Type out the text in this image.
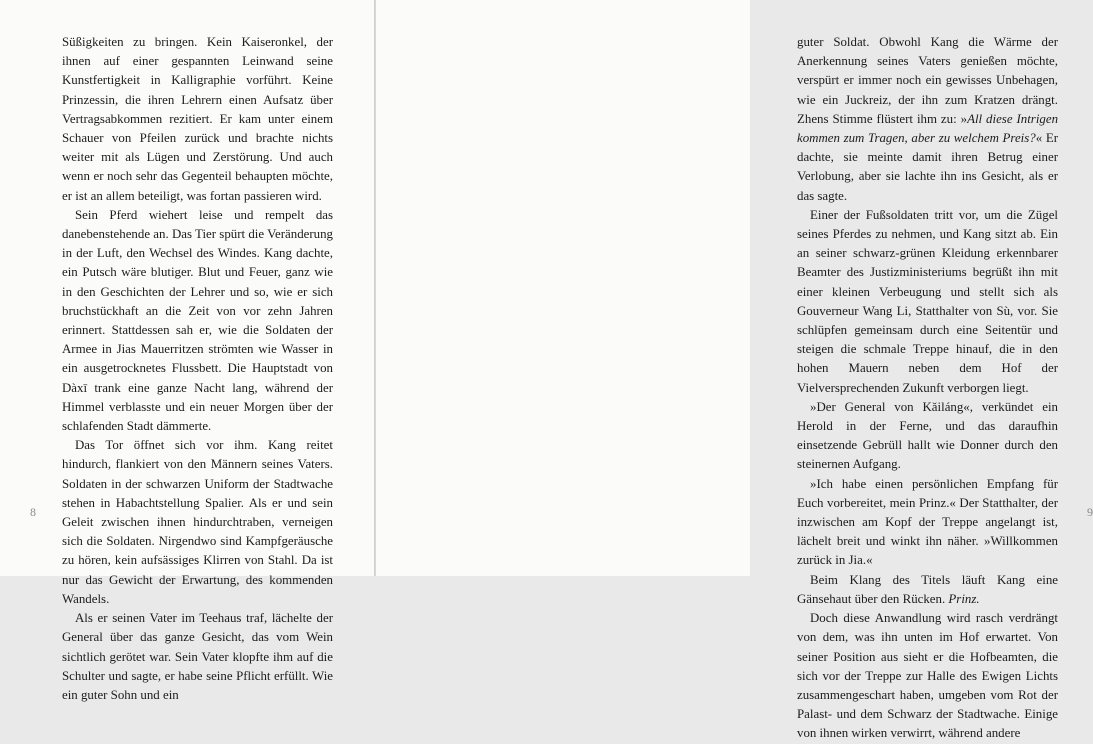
Süßigkeiten zu bringen. Kein Kaiseronkel, der ihnen auf einer gespannten Leinwand seine Kunstfertigkeit in Kalligraphie vorführt. Keine Prinzessin, die ihren Lehrern einen Aufsatz über Vertragsabkommen rezitiert. Er kam unter einem Schauer von Pfeilen zurück und brachte nichts weiter mit als Lügen und Zerstörung. Und auch wenn er noch sehr das Gegenteil behaupten möchte, er ist an allem beteiligt, was fortan passieren wird.

Sein Pferd wiehert leise und rempelt das danebenstehende an. Das Tier spürt die Veränderung in der Luft, den Wechsel des Windes. Kang dachte, ein Putsch wäre blutiger. Blut und Feuer, ganz wie in den Geschichten der Lehrer und so, wie er sich bruchstückhaft an die Zeit von vor zehn Jahren erinnert. Stattdessen sah er, wie die Soldaten der Armee in Jias Mauerritzen strömten wie Wasser in ein ausgetrocknetes Flussbett. Die Hauptstadt von Dàxī trank eine ganze Nacht lang, während der Himmel verblasste und ein neuer Morgen über der schlafenden Stadt dämmerte.

Das Tor öffnet sich vor ihm. Kang reitet hindurch, flankiert von den Männern seines Vaters. Soldaten in der schwarzen Uniform der Stadtwache stehen in Habachtstellung Spalier. Als er und sein Geleit zwischen ihnen hindurchtraben, verneigen sich die Soldaten. Nirgendwo sind Kampfgeräusche zu hören, kein aufsässiges Klirren von Stahl. Da ist nur das Gewicht der Erwartung, des kommenden Wandels.

Als er seinen Vater im Teehaus traf, lächelte der General über das ganze Gesicht, das vom Wein sichtlich gerötet war. Sein Vater klopfte ihm auf die Schulter und sagte, er habe seine Pflicht erfüllt. Wie ein guter Sohn und ein

8

guter Soldat. Obwohl Kang die Wärme der Anerkennung seines Vaters genießen möchte, verspürt er immer noch ein gewisses Unbehagen, wie ein Juckreiz, der ihn zum Kratzen drängt. Zhens Stimme flüstert ihm zu: »All diese Intrigen kommen zum Tragen, aber zu welchem Preis?« Er dachte, sie meinte damit ihren Betrug einer Verlobung, aber sie lachte ihn ins Gesicht, als er das sagte.

Einer der Fußsoldaten tritt vor, um die Zügel seines Pferdes zu nehmen, und Kang sitzt ab. Ein an seiner schwarz-grünen Kleidung erkennbarer Beamter des Justizministeriums begrüßt ihn mit einer kleinen Verbeugung und stellt sich als Gouverneur Wang Li, Statthalter von Sù, vor. Sie schlüpfen gemeinsam durch eine Seitentür und steigen die schmale Treppe hinauf, die in den hohen Mauern neben dem Hof der Vielversprechenden Zukunft verborgen liegt.

»Der General von Kǎiláng«, verkündet ein Herold in der Ferne, und das daraufhin einsetzende Gebrüll hallt wie Donner durch den steinernen Aufgang.

»Ich habe einen persönlichen Empfang für Euch vorbereitet, mein Prinz.« Der Statthalter, der inzwischen am Kopf der Treppe angelangt ist, lächelt breit und winkt ihn näher. »Willkommen zurück in Jia.«

Beim Klang des Titels läuft Kang eine Gänsehaut über den Rücken. Prinz.

Doch diese Anwandlung wird rasch verdrängt von dem, was ihn unten im Hof erwartet. Von seiner Position aus sieht er die Hofbeamten, die sich vor der Treppe zur Halle des Ewigen Lichts zusammengeschart haben, umgeben vom Rot der Palast- und dem Schwarz der Stadtwache. Einige von ihnen wirken verwirrt, während andere

9
